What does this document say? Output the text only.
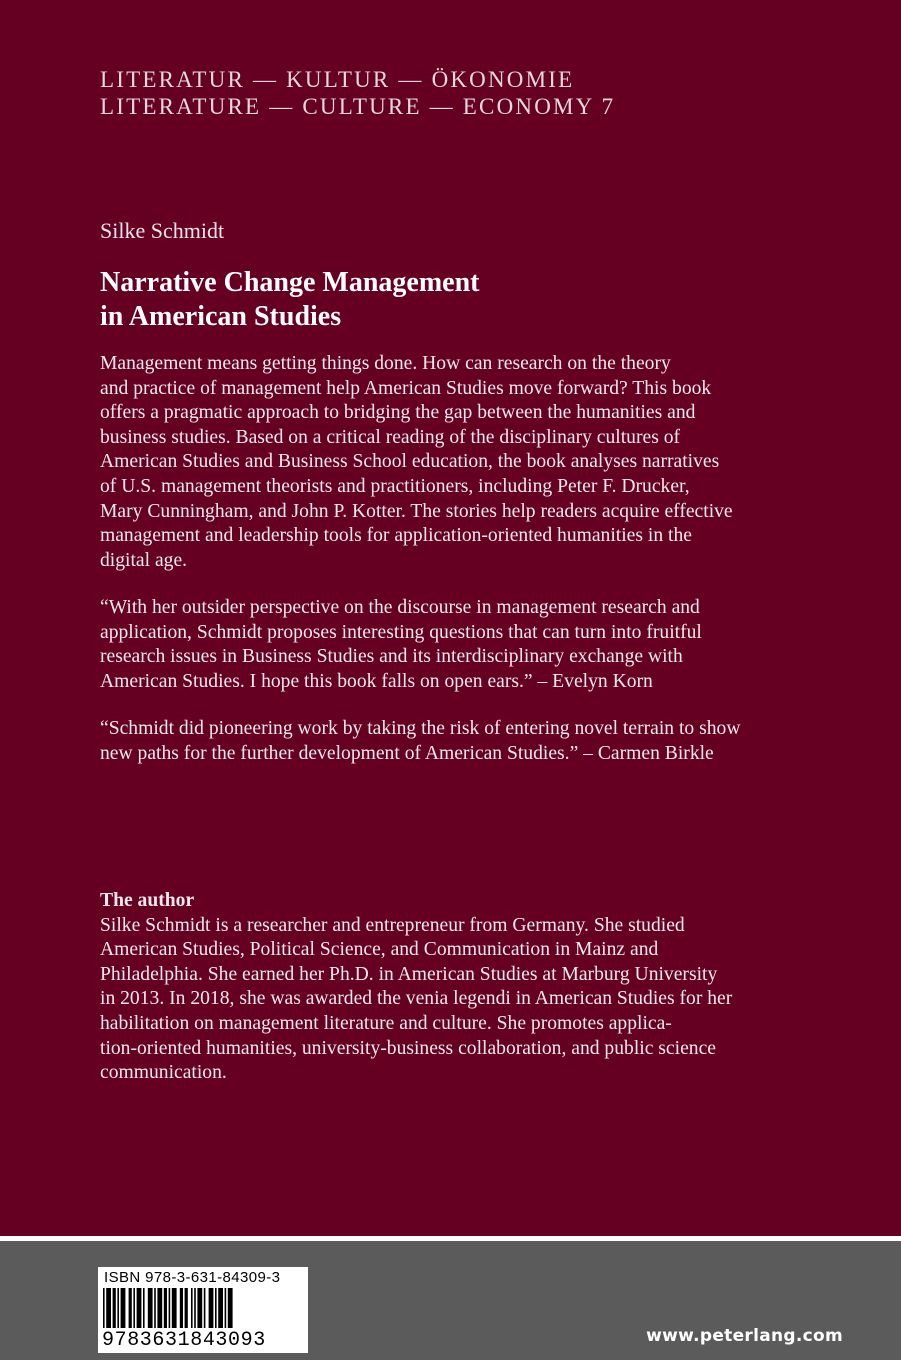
LITERATUR — KULTUR — ÖKONOMIE
LITERATURE — CULTURE — ECONOMY 7
Silke Schmidt
Narrative Change Management
in American Studies
Management means getting things done. How can research on the theory
and practice of management help American Studies move forward? This book
offers a pragmatic approach to bridging the gap between the humanities and
business studies. Based on a critical reading of the disciplinary cultures of
American Studies and Business School education, the book analyses narratives
of U.S. management theorists and practitioners, including Peter F. Drucker,
Mary Cunningham, and John P. Kotter. The stories help readers acquire effective
management and leadership tools for application-oriented humanities in the
digital age.
“With her outsider perspective on the discourse in management research and
application, Schmidt proposes interesting questions that can turn into fruitful
research issues in Business Studies and its interdisciplinary exchange with
American Studies. I hope this book falls on open ears.” – Evelyn Korn
“Schmidt did pioneering work by taking the risk of entering novel terrain to show
new paths for the further development of American Studies.” – Carmen Birkle
The author
Silke Schmidt is a researcher and entrepreneur from Germany. She studied
American Studies, Political Science, and Communication in Mainz and
Philadelphia. She earned her Ph.D. in American Studies at Marburg University
in 2013. In 2018, she was awarded the venia legendi in American Studies for her
habilitation on management literature and culture. She promotes applica-
tion-oriented humanities, university-business collaboration, and public science
communication.
ISBN 978-3-631-84309-3
9783631843093	www.peterlang.com
